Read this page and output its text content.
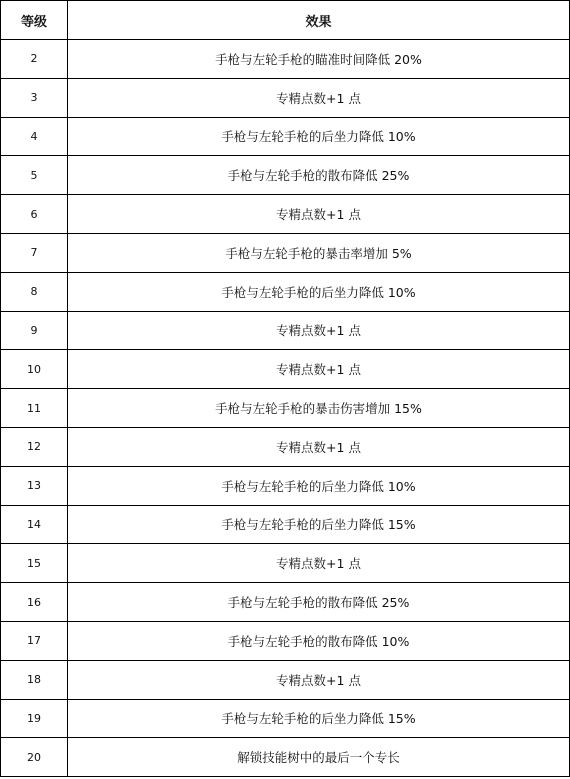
等级	效果
2	手枪与左轮手枪的瞄准时间降低 20%
3	专精点数+1 点
4	手枪与左轮手枪的后坐力降低 10%
5	手枪与左轮手枪的散布降低 25%
6	专精点数+1 点
7	手枪与左轮手枪的暴击率增加 5%
8	手枪与左轮手枪的后坐力降低 10%
9	专精点数+1 点
10	专精点数+1 点
11	手枪与左轮手枪的暴击伤害增加 15%
12	专精点数+1 点
13	手枪与左轮手枪的后坐力降低 10%
14	手枪与左轮手枪的后坐力降低 15%
15	专精点数+1 点
16	手枪与左轮手枪的散布降低 25%
17	手枪与左轮手枪的散布降低 10%
18	专精点数+1 点
19	手枪与左轮手枪的后坐力降低 15%
20	解锁技能树中的最后一个专长
